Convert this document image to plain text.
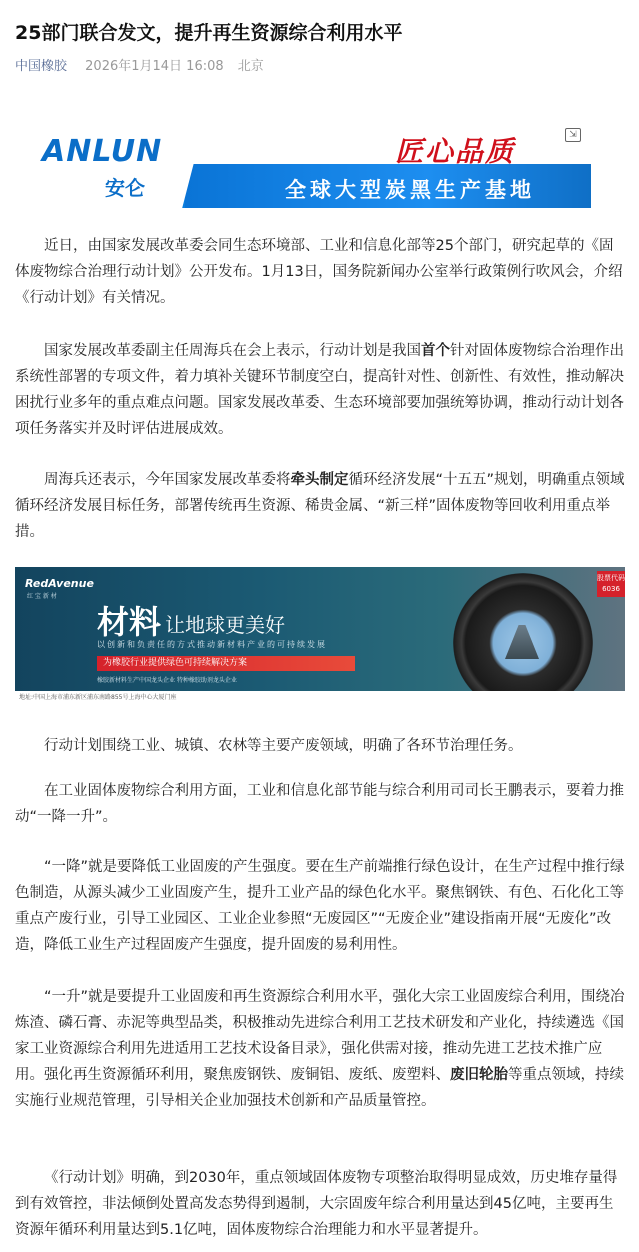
25部门联合发文，提升再生资源综合利用水平
中国橡胶 2026年1月14日 16:08 北京
ANLUN
安仑
匠心品质
全球大型炭黑生产基地
⇲

近日，由国家发展改革委会同生态环境部、工业和信息化部等25个部门，研究起草的《固体废物综合治理行动计划》公开发布。1月13日，国务院新闻办公室举行政策例行吹风会，介绍《行动计划》有关情况。

国家发展改革委副主任周海兵在会上表示，行动计划是我国首个针对固体废物综合治理作出系统性部署的专项文件，着力填补关键环节制度空白，提高针对性、创新性、有效性，推动解决困扰行业多年的重点难点问题。国家发展改革委、生态环境部要加强统筹协调，推动行动计划各项任务落实并及时评估进展成效。

周海兵还表示，今年国家发展改革委将牵头制定循环经济发展“十五五”规划，明确重点领域循环经济发展目标任务，部署传统再生资源、稀贵金属、“新三样”固体废物等回收利用重点举措。

RedAvenue
红 宝 新 材
材料 让地球更美好
以创新和负责任的方式推动新材料产业的可持续发展
为橡胶行业提供绿色可持续解决方案
橡胶新材料生产中国龙头企业 特种橡胶助剂龙头企业
股票代码 6036
地址:中国上海市浦东新区浦东南路855号上海中心大厦门座

行动计划围绕工业、城镇、农林等主要产废领域，明确了各环节治理任务。

在工业固体废物综合利用方面，工业和信息化部节能与综合利用司司长王鹏表示，要着力推动“一降一升”。

“一降”就是要降低工业固废的产生强度。要在生产前端推行绿色设计，在生产过程中推行绿色制造，从源头减少工业固废产生，提升工业产品的绿色化水平。聚焦钢铁、有色、石化化工等重点产废行业，引导工业园区、工业企业参照“无废园区”“无废企业”建设指南开展“无废化”改造，降低工业生产过程固废产生强度，提升固废的易利用性。

“一升”就是要提升工业固废和再生资源综合利用水平，强化大宗工业固废综合利用，围绕冶炼渣、磷石膏、赤泥等典型品类，积极推动先进综合利用工艺技术研发和产业化，持续遴选《国家工业资源综合利用先进适用工艺技术设备目录》，强化供需对接，推动先进工艺技术推广应用。强化再生资源循环利用，聚焦废钢铁、废铜铝、废纸、废塑料、废旧轮胎等重点领域，持续实施行业规范管理，引导相关企业加强技术创新和产品质量管控。

《行动计划》明确，到2030年，重点领域固体废物专项整治取得明显成效，历史堆存量得到有效管控，非法倾倒处置高发态势得到遏制，大宗固废年综合利用量达到45亿吨，主要再生资源年循环利用量达到5.1亿吨，固体废物综合治理能力和水平显著提升。
